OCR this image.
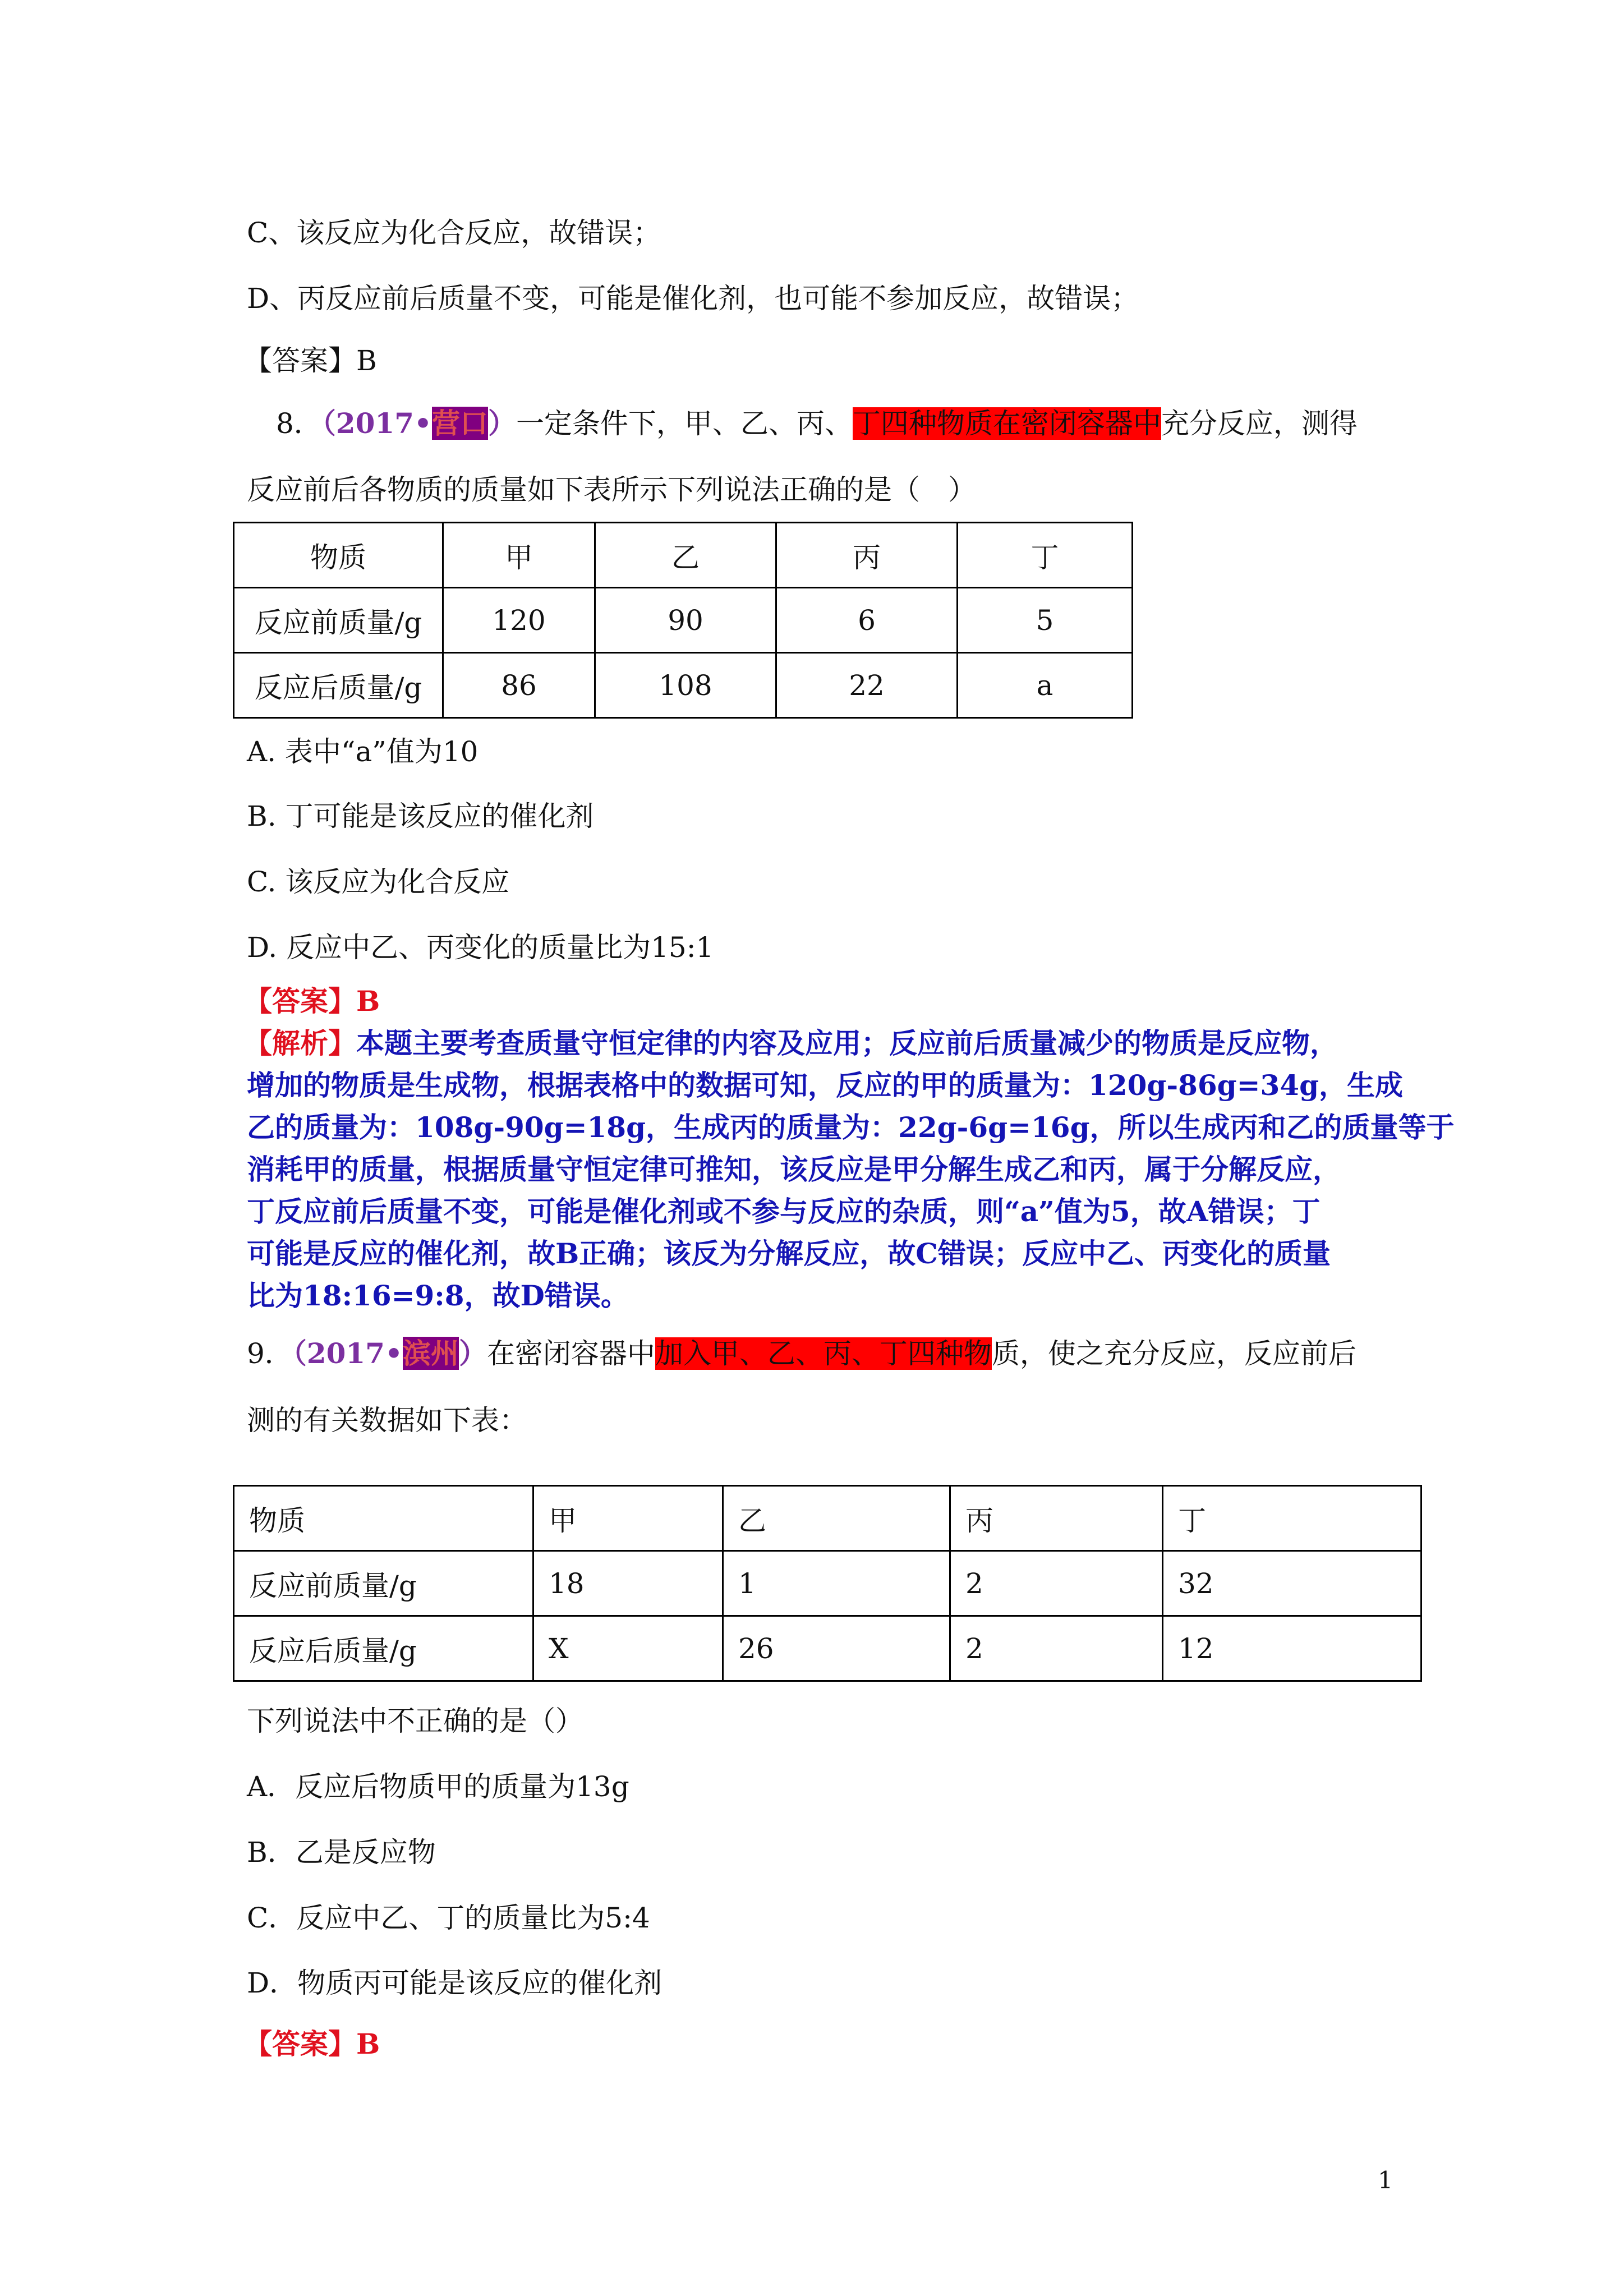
C、该反应为化合反应，故错误；
D、丙反应前后质量不变，可能是催化剂，也可能不参加反应，故错误；
【答案】B
8．（2017•营口）一定条件下，甲、乙、丙、丁四种物质在密闭容器中充分反应，测得
反应前后各物质的质量如下表所示下列说法正确的是（　）
物质	甲	乙	丙	丁
反应前质量/g	120	90	6	5
反应后质量/g	86	108	22	a
A. 表中“a”值为10
B. 丁可能是该反应的催化剂
C. 该反应为化合反应
D. 反应中乙、丙变化的质量比为15:1
【答案】B
【解析】本题主要考查质量守恒定律的内容及应用；反应前后质量减少的物质是反应物，
增加的物质是生成物，根据表格中的数据可知，反应的甲的质量为：120g-86g=34g，生成
乙的质量为：108g-90g=18g，生成丙的质量为：22g-6g=16g，所以生成丙和乙的质量等于
消耗甲的质量，根据质量守恒定律可推知，该反应是甲分解生成乙和丙，属于分解反应，
丁反应前后质量不变，可能是催化剂或不参与反应的杂质，则“a”值为5，故A错误；丁
可能是反应的催化剂，故B正确；该反为分解反应，故C错误；反应中乙、丙变化的质量
比为18:16=9:8，故D错误。
9．（2017•滨州）在密闭容器中加入甲、乙、丙、丁四种物质，使之充分反应，反应前后
测的有关数据如下表：
物质	甲	乙	丙	丁
反应前质量/g	18	1	2	32
反应后质量/g	X	26	2	12
下列说法中不正确的是（）
A．反应后物质甲的质量为13g
B．乙是反应物
C．反应中乙、丁的质量比为5:4
D．物质丙可能是该反应的催化剂
【答案】B
1
